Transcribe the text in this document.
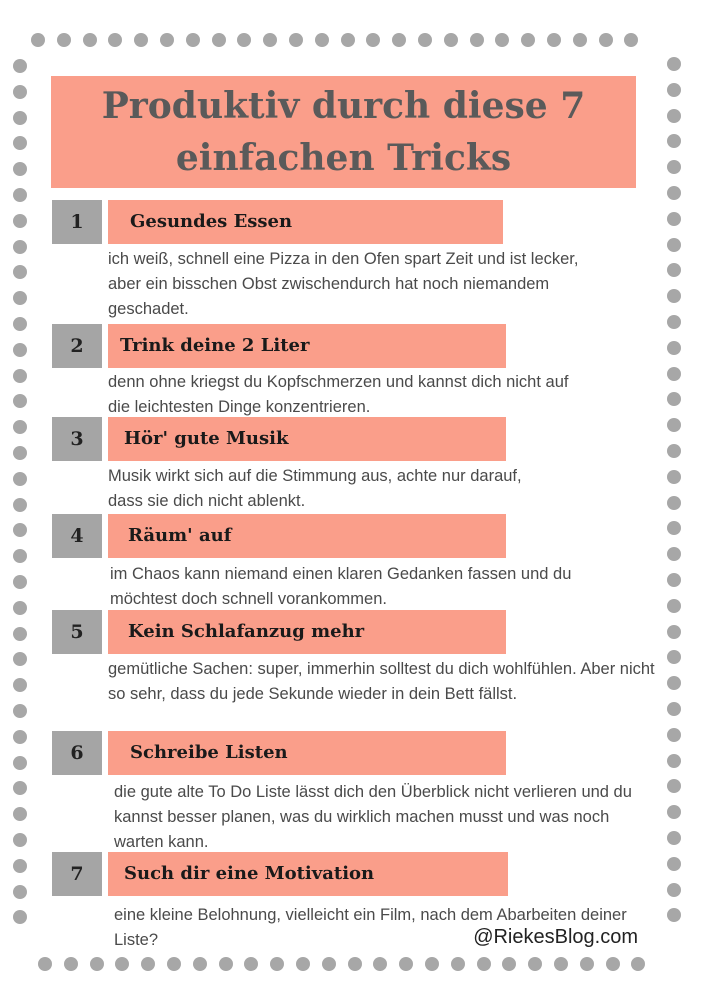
Produktiv durch diese 7
einfachen Tricks
1	Gesundes Essen

ich weiß, schnell eine Pizza in den Ofen spart Zeit und ist lecker, aber ein bisschen Obst zwischendurch hat noch niemandem geschadet.

2	Trink deine 2 Liter

denn ohne kriegst du Kopfschmerzen und kannst dich nicht auf die leichtesten Dinge konzentrieren.

3	Hör' gute Musik

Musik wirkt sich auf die Stimmung aus, achte nur darauf, dass sie dich nicht ablenkt.

4	Räum' auf

im Chaos kann niemand einen klaren Gedanken fassen und du möchtest doch schnell vorankommen.

5	Kein Schlafanzug mehr

gemütliche Sachen: super, immerhin solltest du dich wohlfühlen. Aber nicht so sehr, dass du jede Sekunde wieder in dein Bett fällst.

6	Schreibe Listen

die gute alte To Do Liste lässt dich den Überblick nicht verlieren und du kannst besser planen, was du wirklich machen musst und was noch warten kann.

7	Such dir eine Motivation

eine kleine Belohnung, vielleicht ein Film, nach dem Abarbeiten deiner Liste?	@RiekesBlog.com
